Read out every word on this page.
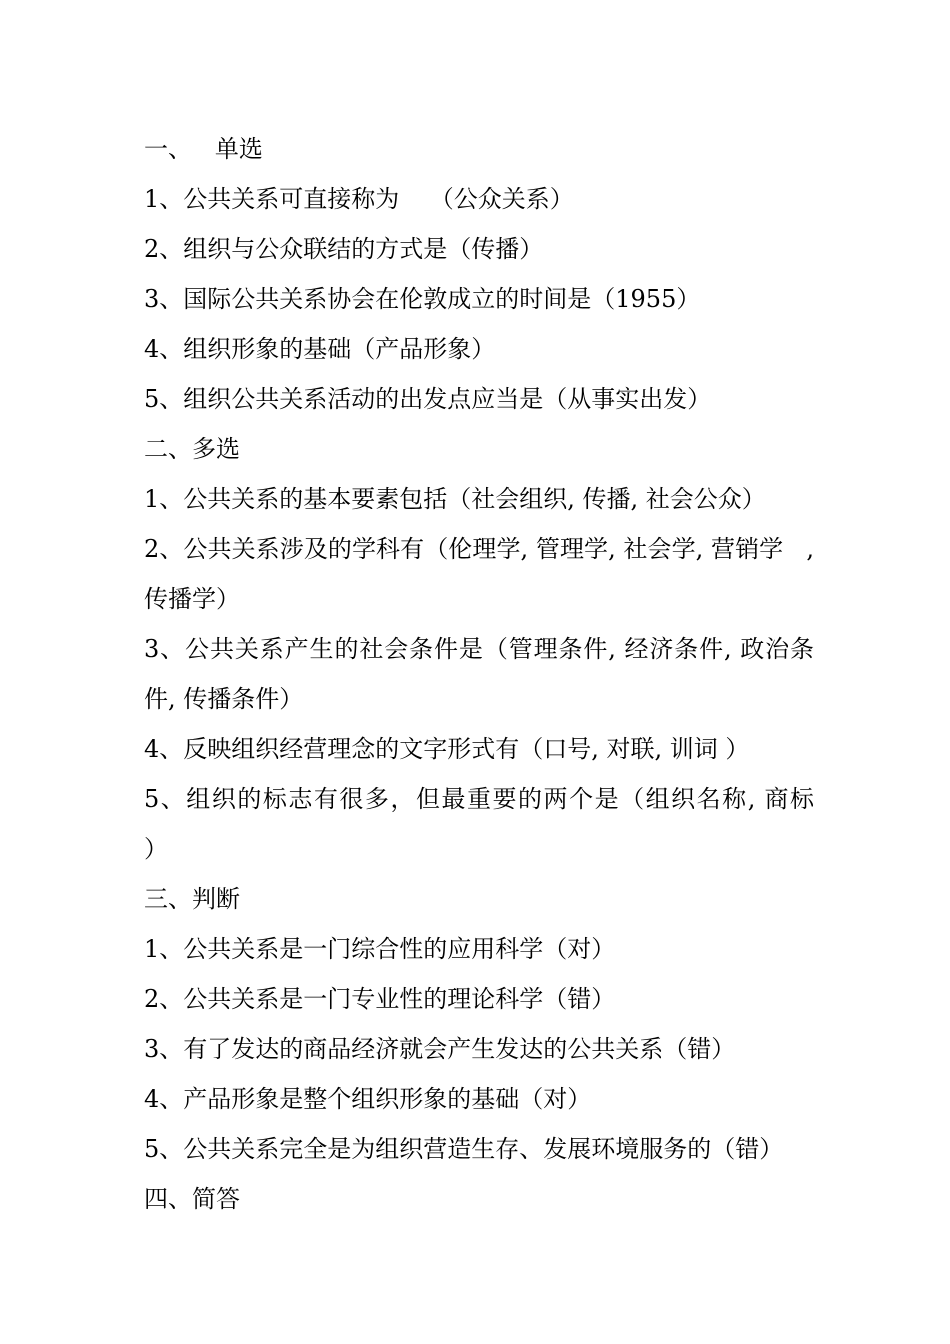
一、   单选

1、公共关系可直接称为    （公众关系）

2、组织与公众联结的方式是（传播）

3、国际公共关系协会在伦敦成立的时间是（1955）

4、组织形象的基础（产品形象）

5、组织公共关系活动的出发点应当是（从事实出发）

二、多选

1、公共关系的基本要素包括（社会组织, 传播, 社会公众）

2、公共关系涉及的学科有（伦理学, 管理学, 社会学, 营销学   , 传播学）

3、公共关系产生的社会条件是（管理条件, 经济条件, 政治条件, 传播条件）

4、反映组织经营理念的文字形式有（口号, 对联, 训词 ）

5、组织的标志有很多，但最重要的两个是（组织名称, 商标    ）

三、判断

1、公共关系是一门综合性的应用科学（对）

2、公共关系是一门专业性的理论科学（错）

3、有了发达的商品经济就会产生发达的公共关系（错）

4、产品形象是整个组织形象的基础（对）

5、公共关系完全是为组织营造生存、发展环境服务的（错）

四、简答
